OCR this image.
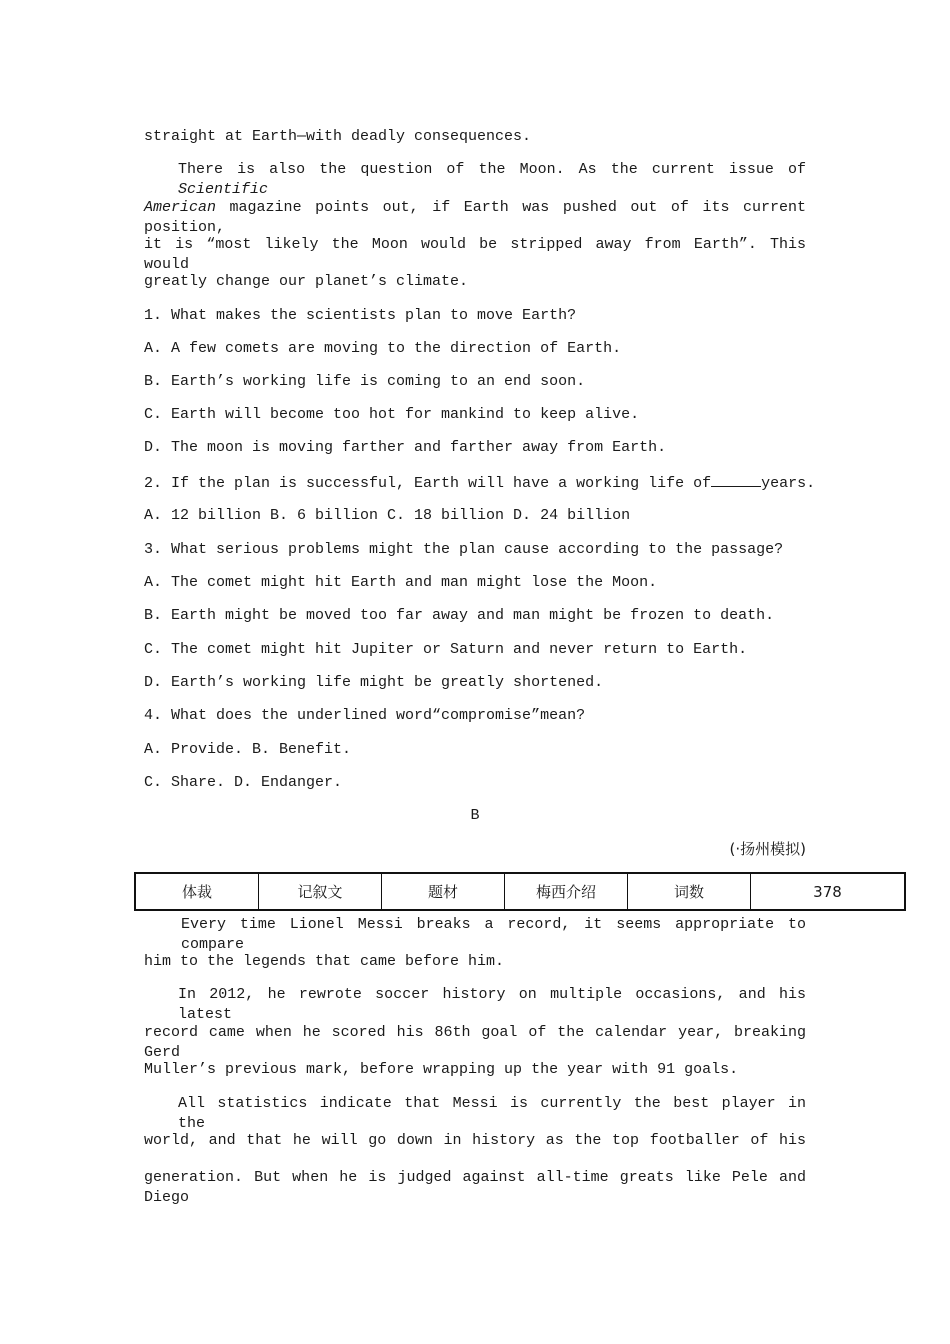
straight at Earth—with deadly consequences.
There is also the question of the Moon. As the current issue of Scientific
American magazine points out, if Earth was pushed out of its current position,
it is “most likely the Moon would be stripped away from Earth”. This would
greatly change our planet’s climate.
1. What makes the scientists plan to move Earth?
A. A few comets are moving to the direction of Earth.
B. Earth’s working life is coming to an end soon.
C. Earth will become too hot for mankind to keep alive.
D. The moon is moving farther and farther away from Earth.
2. If the plan is successful, Earth will have a working life of	years.
A. 12 billion B. 6 billion C. 18 billion D. 24 billion
3. What serious problems might the plan cause according to the passage?
A. The comet might hit Earth and man might lose the Moon.
B. Earth might be moved too far away and man might be frozen to death.
C. The comet might hit Jupiter or Saturn and never return to Earth.
D. Earth’s working life might be greatly shortened.
4. What does the underlined word“compromise”mean?
A. Provide. B. Benefit.
C. Share. D. Endanger.
B
(·扬州模拟)
体裁	记叙文	题材	梅西介绍	词数	378
Every time Lionel Messi breaks a record, it seems appropriate to compare
him to the legends that came before him.
In 2012, he rewrote soccer history on multiple occasions, and his latest
record came when he scored his 86th goal of the calendar year, breaking Gerd
Muller’s previous mark, before wrapping up the year with 91 goals.
All statistics indicate that Messi is currently the best player in the
world, and that he will go down in history as the top footballer of his
generation. But when he is judged against all-time greats like Pele and Diego
